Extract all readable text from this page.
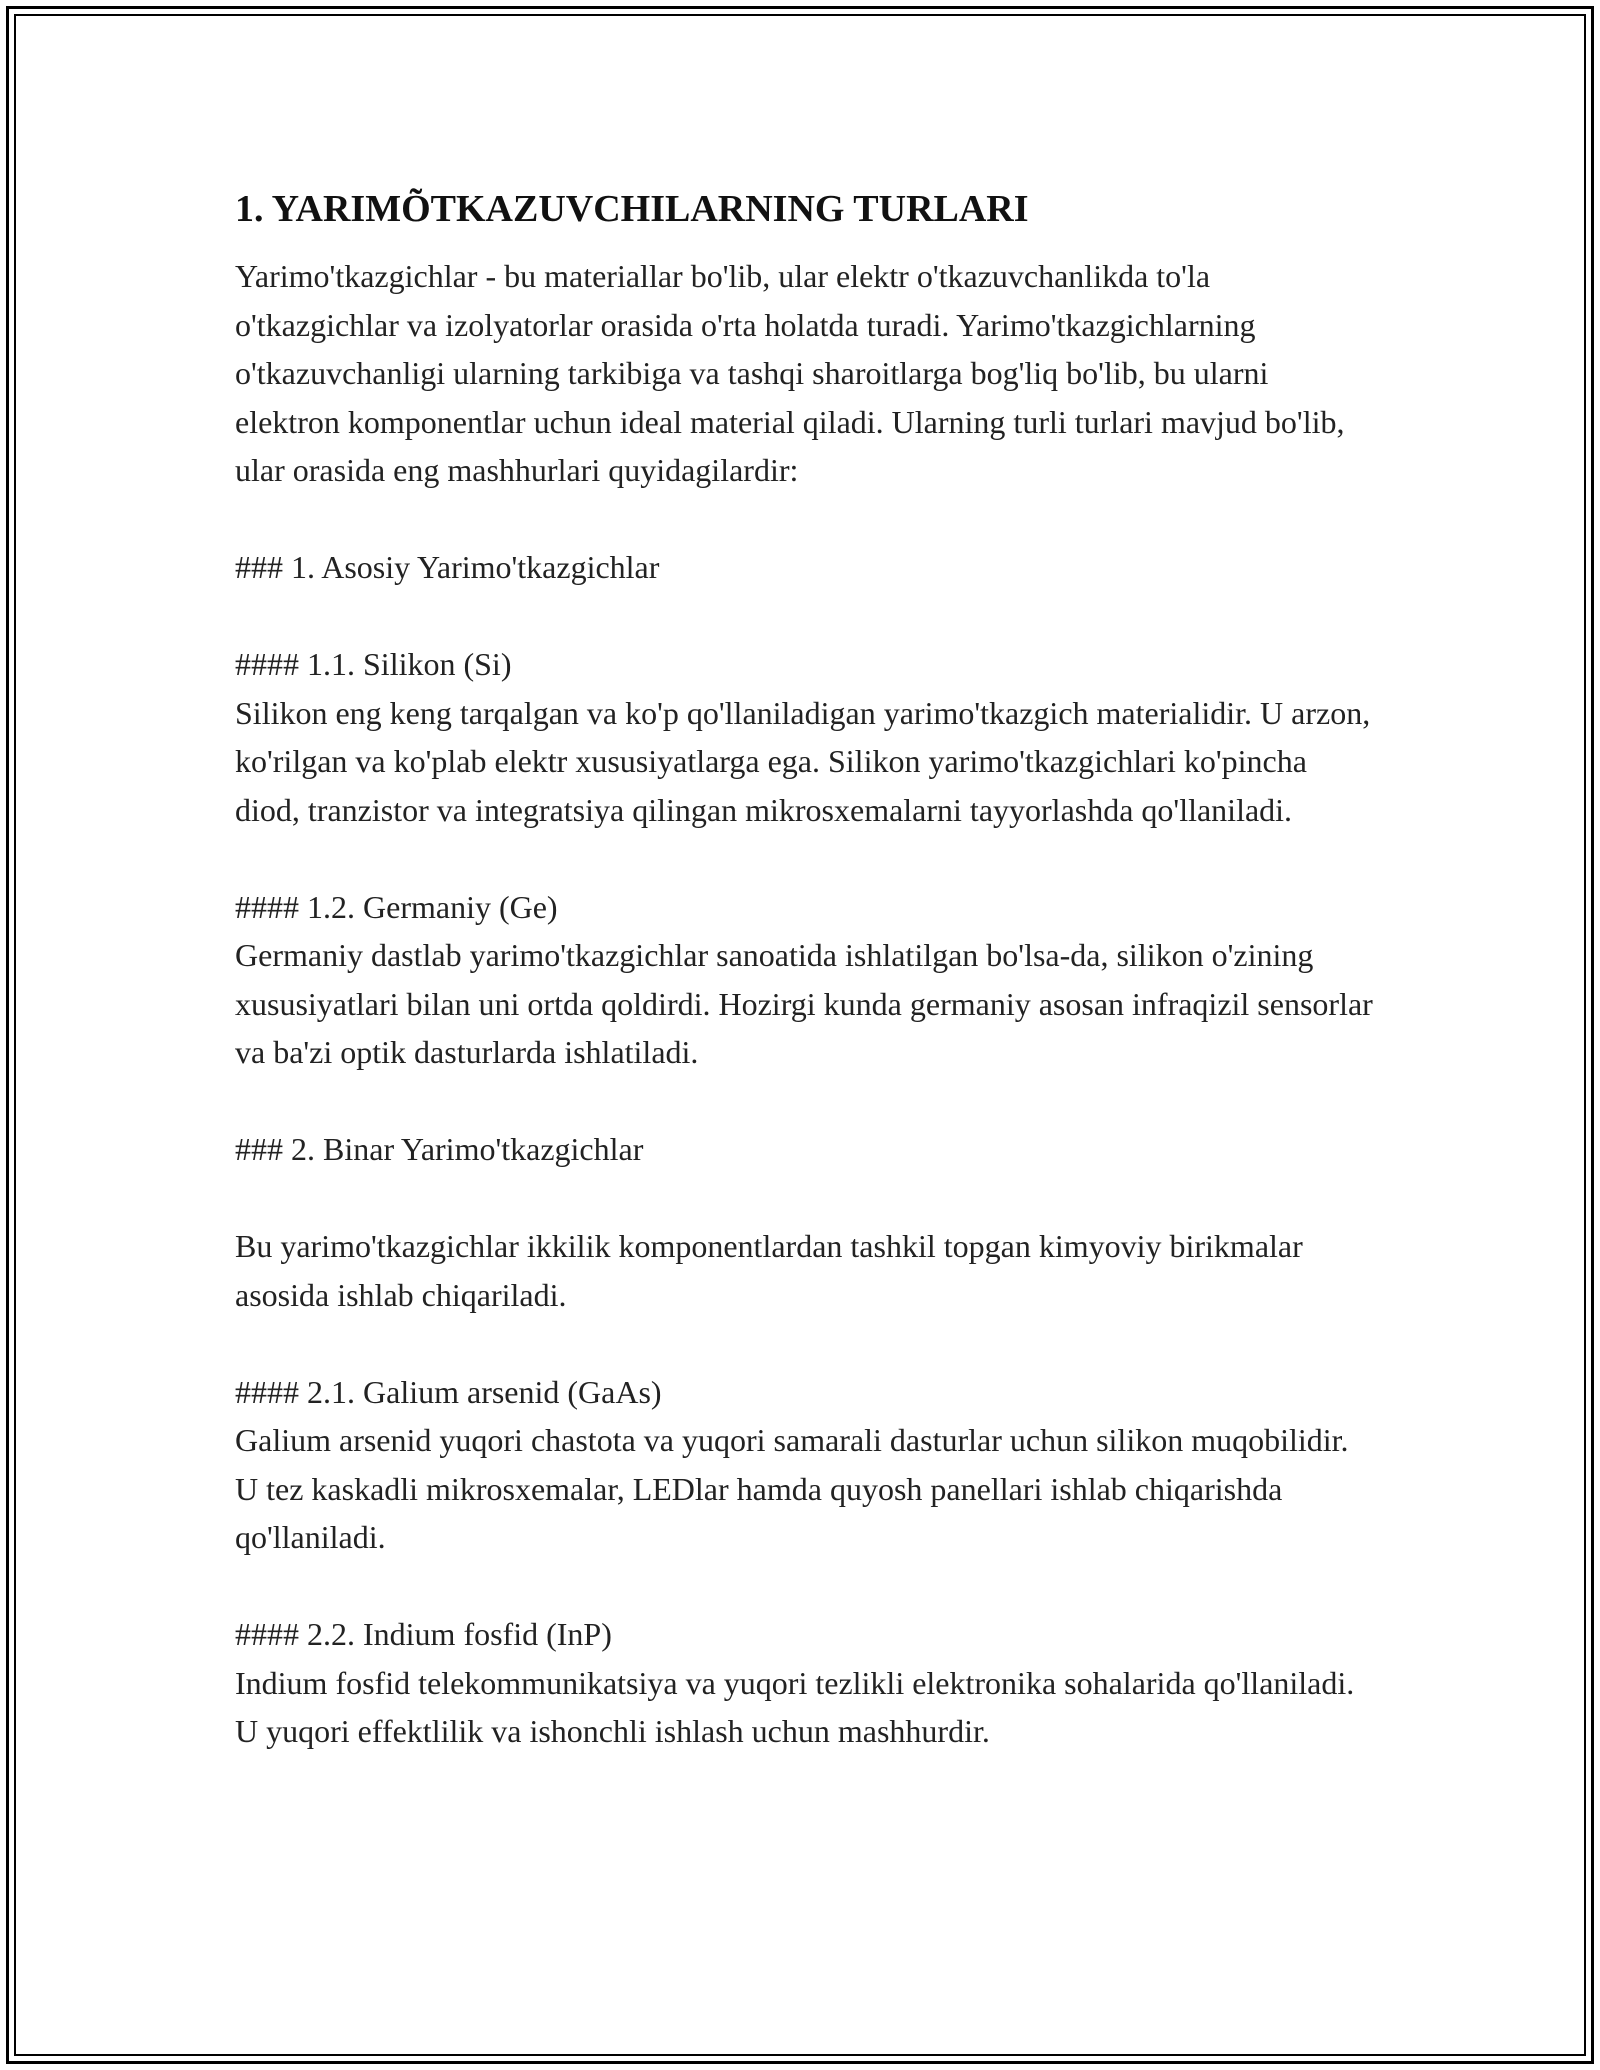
1. YARIMÕTKAZUVCHILARNING TURLARI

Yarimo'tkazgichlar - bu materiallar bo'lib, ular elektr o'tkazuvchanlikda to'la o'tkazgichlar va izolyatorlar orasida o'rta holatda turadi. Yarimo'tkazgichlarning o'tkazuvchanligi ularning tarkibiga va tashqi sharoitlarga bog'liq bo'lib, bu ularni elektron komponentlar uchun ideal material qiladi. Ularning turli turlari mavjud bo'lib, ular orasida eng mashhurlari quyidagilardir:

### 1. Asosiy Yarimo'tkazgichlar

#### 1.1. Silikon (Si)

Silikon eng keng tarqalgan va ko'p qo'llaniladigan yarimo'tkazgich materialidir. U arzon, ko'rilgan va ko'plab elektr xususiyatlarga ega. Silikon yarimo'tkazgichlari ko'pincha diod, tranzistor va integratsiya qilingan mikrosxemalarni tayyorlashda qo'llaniladi.

#### 1.2. Germaniy (Ge)

Germaniy dastlab yarimo'tkazgichlar sanoatida ishlatilgan bo'lsa-da, silikon o'zining xususiyatlari bilan uni ortda qoldirdi. Hozirgi kunda germaniy asosan infraqizil sensorlar va ba'zi optik dasturlarda ishlatiladi.

### 2. Binar Yarimo'tkazgichlar

Bu yarimo'tkazgichlar ikkilik komponentlardan tashkil topgan kimyoviy birikmalar asosida ishlab chiqariladi.

#### 2.1. Galium arsenid (GaAs)

Galium arsenid yuqori chastota va yuqori samarali dasturlar uchun silikon muqobilidir. U tez kaskadli mikrosxemalar, LEDlar hamda quyosh panellari ishlab chiqarishda qo'llaniladi.

#### 2.2. Indium fosfid (InP)

Indium fosfid telekommunikatsiya va yuqori tezlikli elektronika sohalarida qo'llaniladi. U yuqori effektlilik va ishonchli ishlash uchun mashhurdir.
